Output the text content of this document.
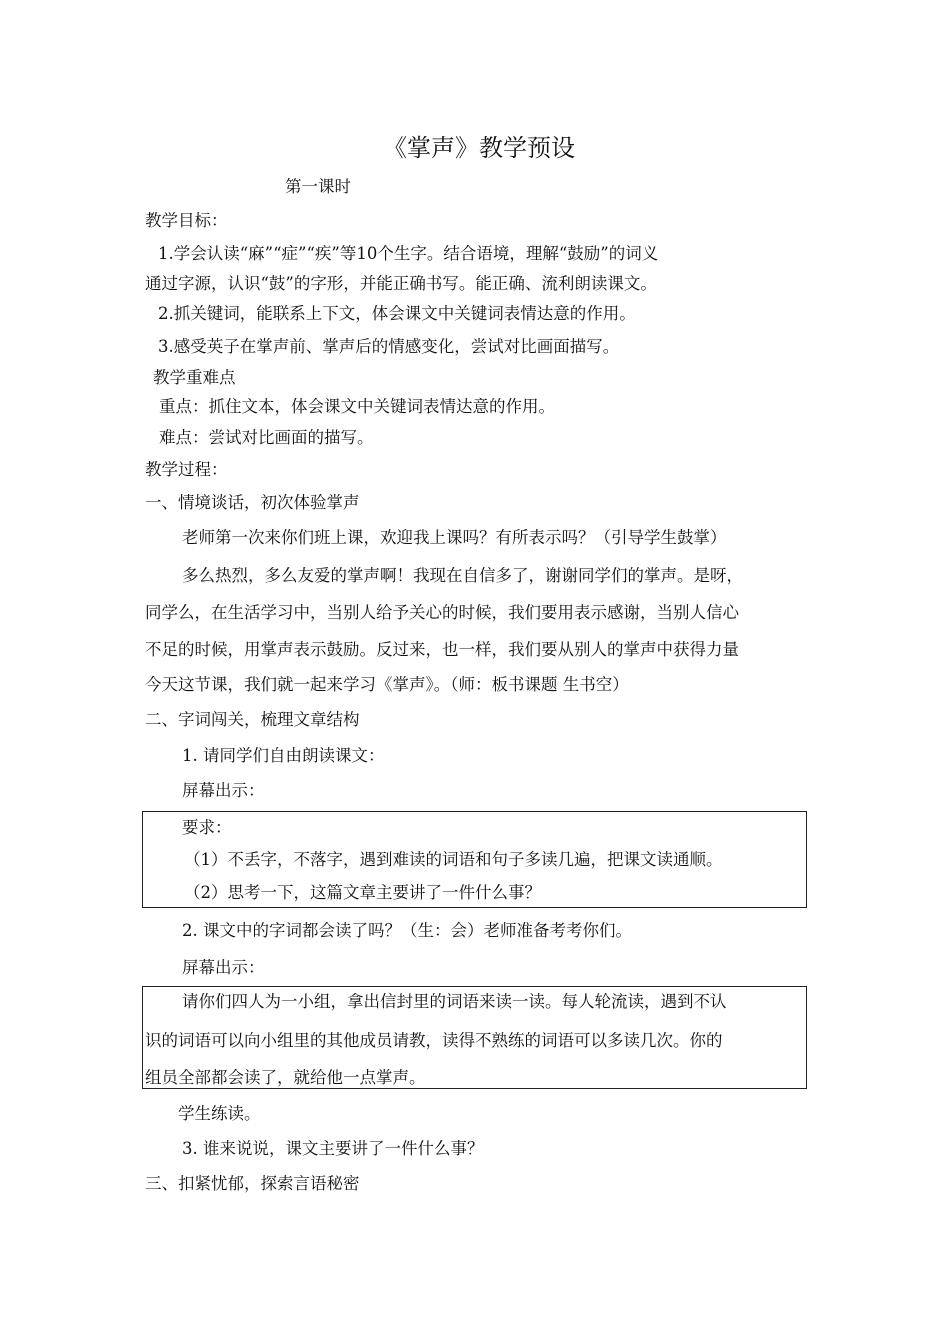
《掌声》教学预设
第一课时
教学目标：
1.学会认读“麻”“症”“疾”等10个生字。结合语境，理解“鼓励”的词义
通过字源，认识“鼓”的字形，并能正确书写。能正确、流利朗读课文。
2.抓关键词，能联系上下文，体会课文中关键词表情达意的作用。
3.感受英子在掌声前、掌声后的情感变化，尝试对比画面描写。
教学重难点
重点：抓住文本，体会课文中关键词表情达意的作用。
难点：尝试对比画面的描写。
教学过程：
一、情境谈话，初次体验掌声
老师第一次来你们班上课，欢迎我上课吗？有所表示吗？（引导学生鼓掌）
多么热烈，多么友爱的掌声啊！我现在自信多了，谢谢同学们的掌声。是呀，
同学么，在生活学习中，当别人给予关心的时候，我们要用表示感谢，当别人信心
不足的时候，用掌声表示鼓励。反过来，也一样，我们要从别人的掌声中获得力量
今天这节课，我们就一起来学习《掌声》。（师：板书课题 生书空）
二、字词闯关，梳理文章结构
1. 请同学们自由朗读课文：
屏幕出示：
要求：
（1）不丢字，不落字，遇到难读的词语和句子多读几遍，把课文读通顺。
（2）思考一下，这篇文章主要讲了一件什么事？
2. 课文中的字词都会读了吗？（生：会）老师准备考考你们。
屏幕出示：
请你们四人为一小组，拿出信封里的词语来读一读。每人轮流读，遇到不认
识的词语可以向小组里的其他成员请教，读得不熟练的词语可以多读几次。你的
组员全部都会读了，就给他一点掌声。
学生练读。
3. 谁来说说，课文主要讲了一件什么事？
三、扣紧忧郁，探索言语秘密
